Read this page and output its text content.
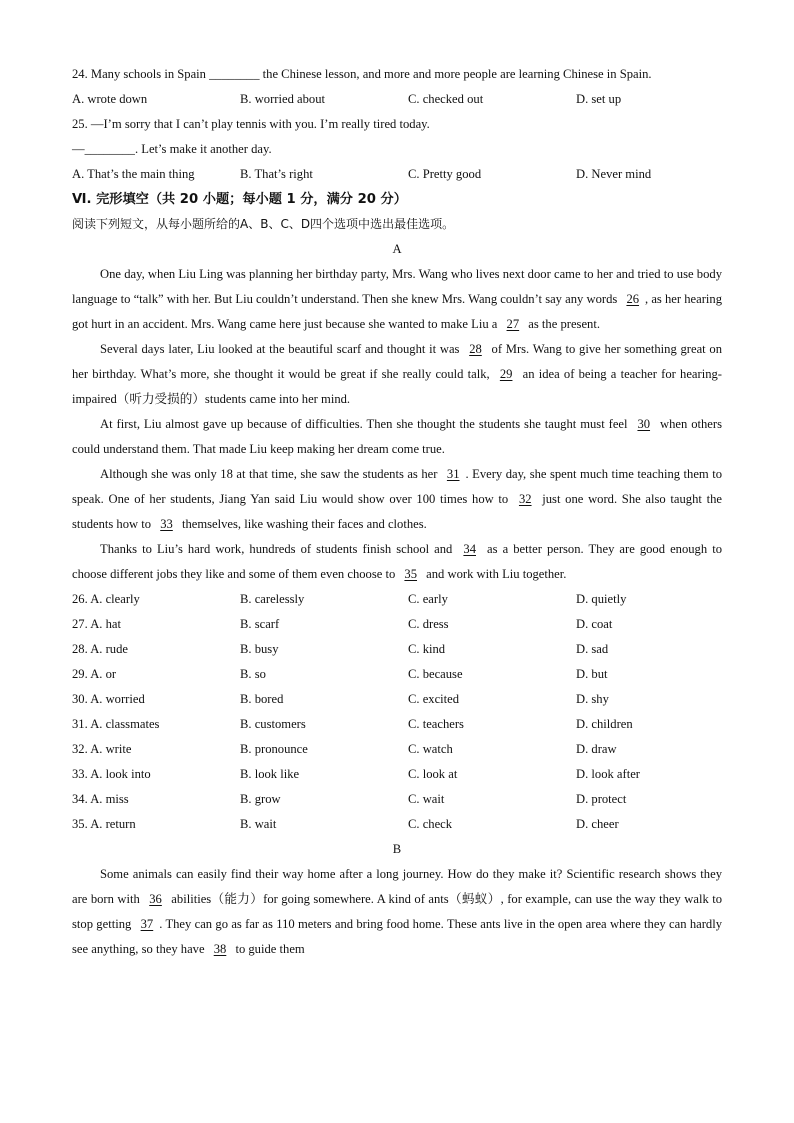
24. Many schools in Spain ________ the Chinese lesson, and more and more people are learning Chinese in Spain.
A. wrote down	B. worried about	C. checked out	D. set up
25. —I’m sorry that I can’t play tennis with you. I’m really tired today.
—________. Let’s make it another day.
A. That’s the main thing	B. That’s right	C. Pretty good	D. Never mind
Ⅵ. 完形填空（共 20 小题；每小题 1 分，满分 20 分）
阅读下列短文，从每小题所给的A、B、C、D四个选项中选出最佳选项。
A

One day, when Liu Ling was planning her birthday party, Mrs. Wang who lives next door came to her and tried to use body language to “talk” with her. But Liu couldn’t understand. Then she knew Mrs. Wang couldn’t say any words 26 , as her hearing got hurt in an accident. Mrs. Wang came here just because she wanted to make Liu a 27 as the present.

Several days later, Liu looked at the beautiful scarf and thought it was 28 of Mrs. Wang to give her something great on her birthday. What’s more, she thought it would be great if she really could talk, 29 an idea of being a teacher for hearing-impaired（听力受损的）students came into her mind.

At first, Liu almost gave up because of difficulties. Then she thought the students she taught must feel 30 when others could understand them. That made Liu keep making her dream come true.

Although she was only 18 at that time, she saw the students as her 31 . Every day, she spent much time teaching them to speak. One of her students, Jiang Yan said Liu would show over 100 times how to 32 just one word. She also taught the students how to 33 themselves, like washing their faces and clothes.

Thanks to Liu’s hard work, hundreds of students finish school and 34 as a better person. They are good enough to choose different jobs they like and some of them even choose to 35 and work with Liu together.

26. A. clearly	B. carelessly	C. early	D. quietly
27. A. hat	B. scarf	C. dress	D. coat
28. A. rude	B. busy	C. kind	D. sad
29. A. or	B. so	C. because	D. but
30. A. worried	B. bored	C. excited	D. shy
31. A. classmates	B. customers	C. teachers	D. children
32. A. write	B. pronounce	C. watch	D. draw
33. A. look into	B. look like	C. look at	D. look after
34. A. miss	B. grow	C. wait	D. protect
35. A. return	B. wait	C. check	D. cheer
B

Some animals can easily find their way home after a long journey. How do they make it? Scientific research shows they are born with 36 abilities（能力）for going somewhere. A kind of ants（蚂蚁）, for example, can use the way they walk to stop getting 37 . They can go as far as 110 meters and bring food home. These ants live in the open area where they can hardly see anything, so they have 38 to guide them
